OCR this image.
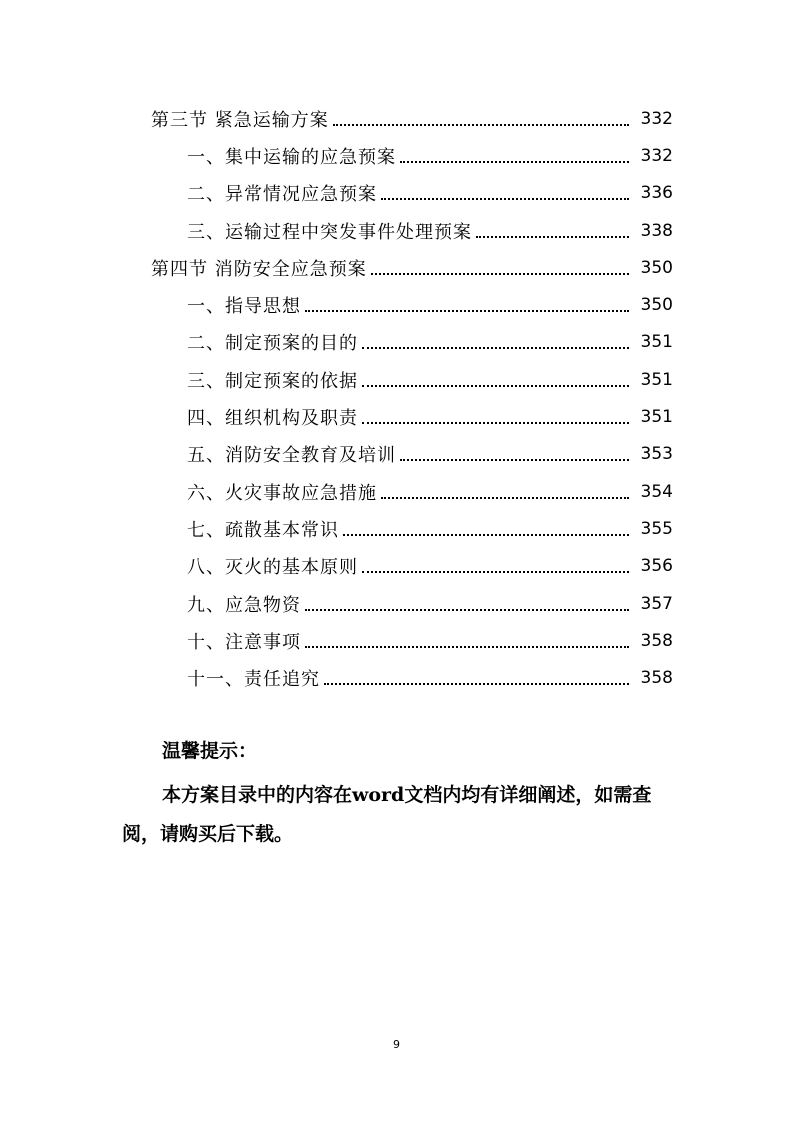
第三节 紧急运输方案	332
一、集中运输的应急预案	332
二、异常情况应急预案	336
三、运输过程中突发事件处理预案	338
第四节 消防安全应急预案	350
一、指导思想	350
二、制定预案的目的	351
三、制定预案的依据	351
四、组织机构及职责	351
五、消防安全教育及培训	353
六、火灾事故应急措施	354
七、疏散基本常识	355
八、灭火的基本原则	356
九、应急物资	357
十、注意事项	358
十一、责任追究	358
温馨提示：
本方案目录中的内容在word文档内均有详细阐述，如需查阅，请购买后下载。
9
